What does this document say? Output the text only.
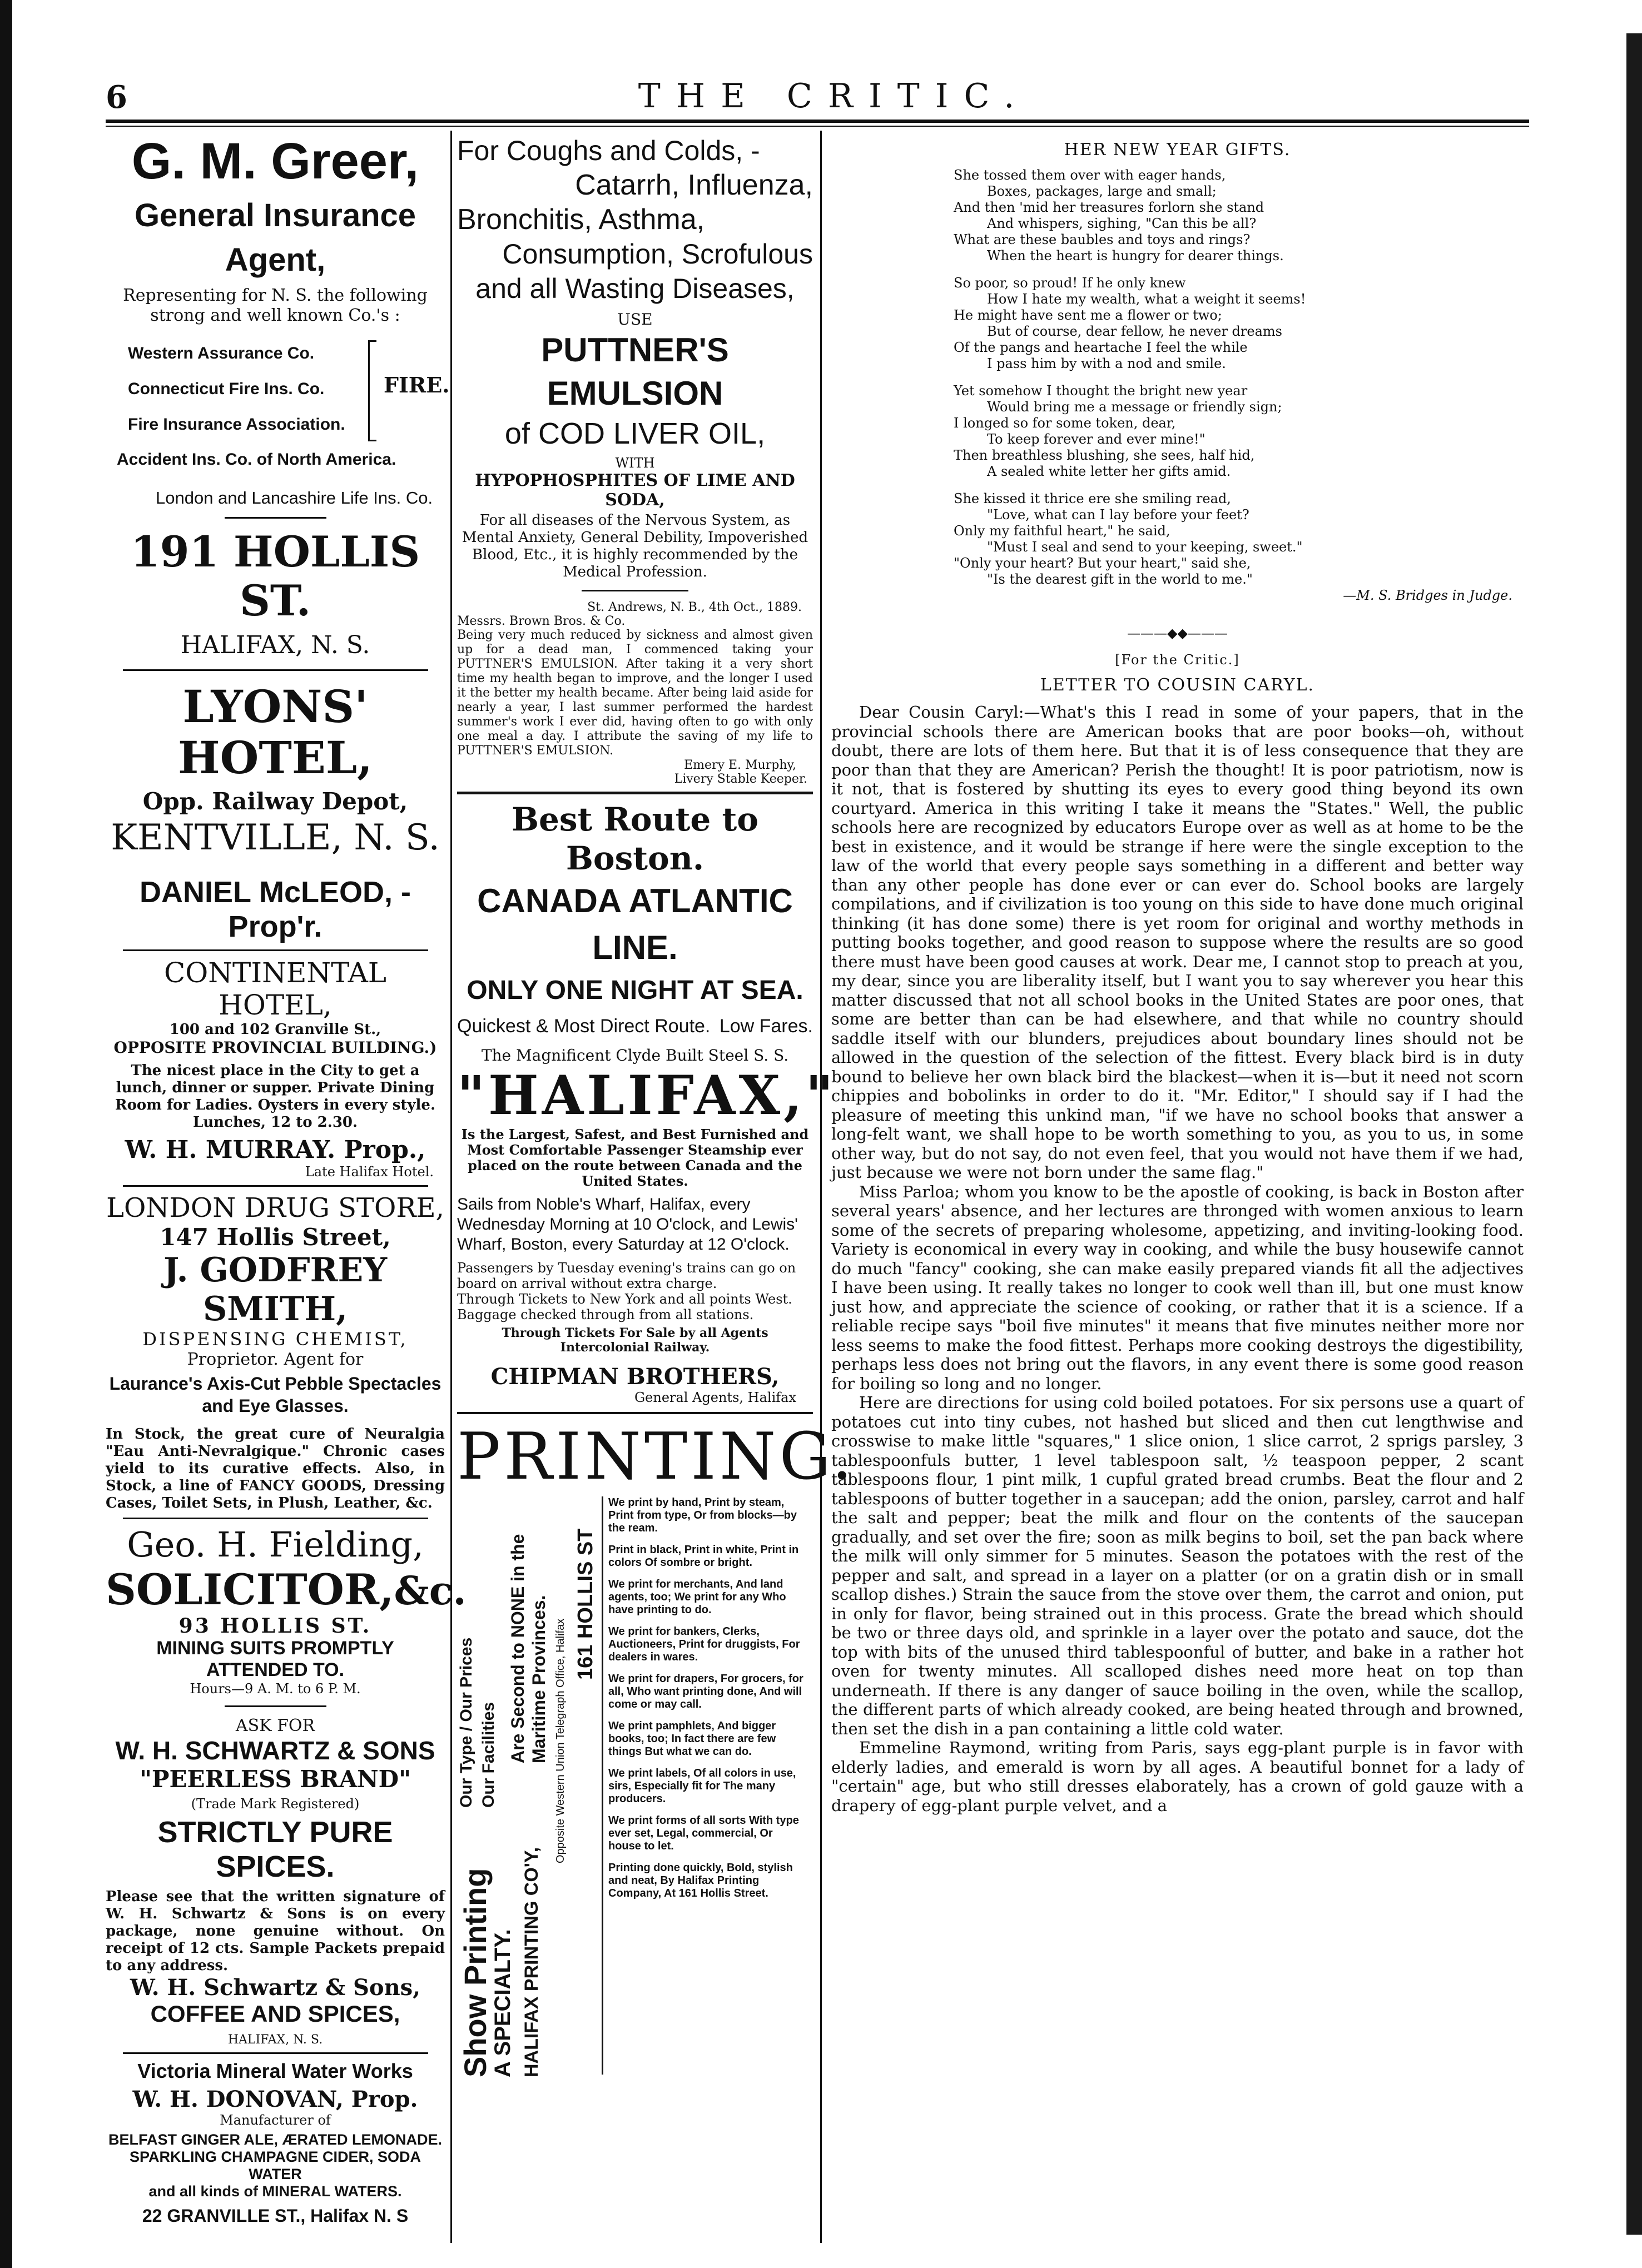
6	THE CRITIC.
G. M. Greer,
General Insurance Agent,
Representing for N. S. the following strong and well known Co.'s :
Western Assurance Co.
Connecticut Fire Ins. Co.
Fire Insurance Association.
FIRE.
Accident Ins. Co. of North America.
London and Lancashire Life Ins. Co.
191 HOLLIS ST.
HALIFAX, N. S.
LYONS' HOTEL,
Opp. Railway Depot,
KENTVILLE, N. S.
DANIEL McLEOD, - Prop'r.
CONTINENTAL HOTEL,
100 and 102 Granville St.,
OPPOSITE PROVINCIAL BUILDING.)
The nicest place in the City to get a lunch, dinner or supper. Private Dining Room for Ladies. Oysters in every style. Lunches, 12 to 2.30.
W. H. MURRAY. Prop.,
Late Halifax Hotel.
LONDON DRUG STORE,
147 Hollis Street,
J. GODFREY SMITH,
DISPENSING CHEMIST,
Proprietor. Agent for
Laurance's Axis-Cut Pebble Spectacles and Eye Glasses.
In Stock, the great cure of Neuralgia "Eau Anti-Nevralgique." Chronic cases yield to its curative effects. Also, in Stock, a line of FANCY GOODS, Dressing Cases, Toilet Sets, in Plush, Leather, &c.
Geo. H. Fielding,
SOLICITOR, &c.
93 HOLLIS ST.
MINING SUITS PROMPTLY ATTENDED TO.
Hours—9 A. M. to 6 P. M.
ASK FOR
W. H. SCHWARTZ & SONS
"PEERLESS BRAND"
(Trade Mark Registered)
STRICTLY PURE SPICES.
Please see that the written signature of W. H. Schwartz & Sons is on every package, none genuine without. On receipt of 12 cts. Sample Packets prepaid to any address.
W. H. Schwartz & Sons,
COFFEE AND SPICES,
HALIFAX, N. S.
Victoria Mineral Water Works
W. H. DONOVAN, Prop.
Manufacturer of
BELFAST GINGER ALE, ÆRATED LEMONADE.
SPARKLING CHAMPAGNE CIDER, SODA WATER
and all kinds of MINERAL WATERS.
22 GRANVILLE ST., Halifax N. S
For Coughs and Colds, -
Catarrh, Influenza,
Bronchitis, Asthma,
Consumption, Scrofulous
and all Wasting Diseases,
USE
PUTTNER'S EMULSION
of COD LIVER OIL,
WITH
HYPOPHOSPHITES OF LIME AND SODA,
For all diseases of the Nervous System, as Mental Anxiety, General Debility, Impoverished Blood, Etc., it is highly recommended by the Medical Profession.
St. Andrews, N. B., 4th Oct., 1889.
Messrs. Brown Bros. & Co.
Being very much reduced by sickness and almost given up for a dead man, I commenced taking your PUTTNER'S EMULSION. After taking it a very short time my health began to improve, and the longer I used it the better my health became. After being laid aside for nearly a year, I last summer performed the hardest summer's work I ever did, having often to go with only one meal a day. I attribute the saving of my life to PUTTNER'S EMULSION.
Emery E. Murphy,
Livery Stable Keeper.
Best Route to Boston.
CANADA ATLANTIC LINE.
ONLY ONE NIGHT AT SEA.
Quickest & Most Direct Route. Low Fares.
The Magnificent Clyde Built Steel S. S.
"HALIFAX,"
Is the Largest, Safest, and Best Furnished and Most Comfortable Passenger Steamship ever placed on the route between Canada and the United States.
Sails from Noble's Wharf, Halifax, every Wednesday Morning at 10 O'clock, and Lewis' Wharf, Boston, every Saturday at 12 O'clock.
Passengers by Tuesday evening's trains can go on board on arrival without extra charge.
Through Tickets to New York and all points West.
Baggage checked through from all stations.
Through Tickets For Sale by all Agents Intercolonial Railway.
CHIPMAN BROTHERS,
General Agents, Halifax
PRINTING.
Show Printing
A SPECIALTY.
Our Type / Our Prices Our Facilities Are Second to NONE in the Maritime Provinces.
HALIFAX PRINTING CO'Y,
Opposite Western Union Telegraph Office, Halifax
161 HOLLIS ST
We print by hand, Print by steam, Print from type, Or from blocks—by the ream.
Print in black, Print in white, Print in colors Of sombre or bright.
We print for merchants, And land agents, too; We print for any Who have printing to do.
We print for bankers, Clerks, Auctioneers, Print for druggists, For dealers in wares.
We print for drapers, For grocers, for all, Who want printing done, And will come or may call.
We print pamphlets, And bigger books, too; In fact there are few things But what we can do.
We print labels, Of all colors in use, sirs, Especially fit for The many producers.
We print forms of all sorts With type ever set, Legal, commercial, Or house to let.
Printing done quickly, Bold, stylish and neat, By Halifax Printing Company, At 161 Hollis Street.
HER NEW YEAR GIFTS.

She tossed them over with eager hands,

Boxes, packages, large and small;

And then 'mid her treasures forlorn she stand

And whispers, sighing, "Can this be all?

What are these baubles and toys and rings?

When the heart is hungry for dearer things.

So poor, so proud! If he only knew

How I hate my wealth, what a weight it seems!

He might have sent me a flower or two;

But of course, dear fellow, he never dreams

Of the pangs and heartache I feel the while

I pass him by with a nod and smile.

Yet somehow I thought the bright new year

Would bring me a message or friendly sign;

I longed so for some token, dear,

To keep forever and ever mine!"

Then breathless blushing, she sees, half hid,

A sealed white letter her gifts amid.

She kissed it thrice ere she smiling read,

"Love, what can I lay before your feet?

Only my faithful heart," he said,

"Must I seal and send to your keeping, sweet."

"Only your heart? But your heart," said she,

"Is the dearest gift in the world to me."

—M. S. Bridges in Judge.
———◆◆———
[For the Critic.]
LETTER TO COUSIN CARYL.

Dear Cousin Caryl:—What's this I read in some of your papers, that in the provincial schools there are American books that are poor books—oh, without doubt, there are lots of them here. But that it is of less consequence that they are poor than that they are American? Perish the thought! It is poor patriotism, now is it not, that is fostered by shutting its eyes to every good thing beyond its own courtyard. America in this writing I take it means the "States." Well, the public schools here are recognized by educators Europe over as well as at home to be the best in existence, and it would be strange if here were the single exception to the law of the world that every people says something in a different and better way than any other people has done ever or can ever do. School books are largely compilations, and if civilization is too young on this side to have done much original thinking (it has done some) there is yet room for original and worthy methods in putting books together, and good reason to suppose where the results are so good there must have been good causes at work. Dear me, I cannot stop to preach at you, my dear, since you are liberality itself, but I want you to say wherever you hear this matter discussed that not all school books in the United States are poor ones, that some are better than can be had elsewhere, and that while no country should saddle itself with our blunders, prejudices about boundary lines should not be allowed in the question of the selection of the fittest. Every black bird is in duty bound to believe her own black bird the blackest—when it is—but it need not scorn chippies and bobolinks in order to do it. "Mr. Editor," I should say if I had the pleasure of meeting this unkind man, "if we have no school books that answer a long-felt want, we shall hope to be worth something to you, as you to us, in some other way, but do not say, do not even feel, that you would not have them if we had, just because we were not born under the same flag."

Miss Parloa; whom you know to be the apostle of cooking, is back in Boston after several years' absence, and her lectures are thronged with women anxious to learn some of the secrets of preparing wholesome, appetizing, and inviting-looking food. Variety is economical in every way in cooking, and while the busy housewife cannot do much "fancy" cooking, she can make easily prepared viands fit all the adjectives I have been using. It really takes no longer to cook well than ill, but one must know just how, and appreciate the science of cooking, or rather that it is a science. If a reliable recipe says "boil five minutes" it means that five minutes neither more nor less seems to make the food fittest. Perhaps more cooking destroys the digestibility, perhaps less does not bring out the flavors, in any event there is some good reason for boiling so long and no longer.

Here are directions for using cold boiled potatoes. For six persons use a quart of potatoes cut into tiny cubes, not hashed but sliced and then cut lengthwise and crosswise to make little "squares," 1 slice onion, 1 slice carrot, 2 sprigs parsley, 3 tablespoonfuls butter, 1 level tablespoon salt, ½ teaspoon pepper, 2 scant tablespoons flour, 1 pint milk, 1 cupful grated bread crumbs. Beat the flour and 2 tablespoons of butter together in a saucepan; add the onion, parsley, carrot and half the salt and pepper; beat the milk and flour on the contents of the saucepan gradually, and set over the fire; soon as milk begins to boil, set the pan back where the milk will only simmer for 5 minutes. Season the potatoes with the rest of the pepper and salt, and spread in a layer on a platter (or on a gratin dish or in small scallop dishes.) Strain the sauce from the stove over them, the carrot and onion, put in only for flavor, being strained out in this process. Grate the bread which should be two or three days old, and sprinkle in a layer over the potato and sauce, dot the top with bits of the unused third tablespoonful of butter, and bake in a rather hot oven for twenty minutes. All scalloped dishes need more heat on top than underneath. If there is any danger of sauce boiling in the oven, while the scallop, the different parts of which already cooked, are being heated through and browned, then set the dish in a pan containing a little cold water.

Emmeline Raymond, writing from Paris, says egg-plant purple is in favor with elderly ladies, and emerald is worn by all ages. A beautiful bonnet for a lady of "certain" age, but who still dresses elaborately, has a crown of gold gauze with a drapery of egg-plant purple velvet, and a
